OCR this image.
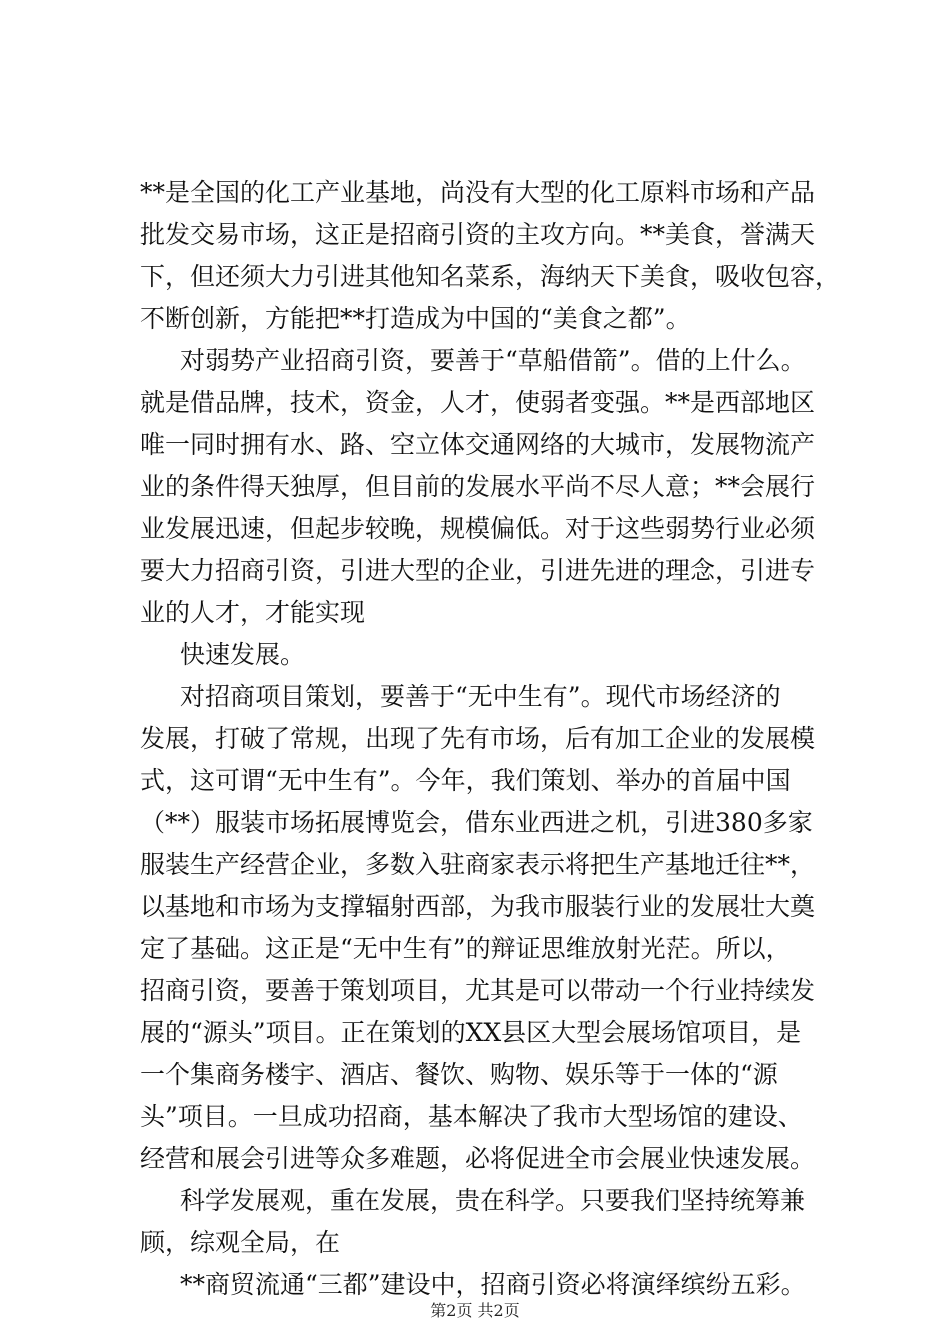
**是全国的化工产业基地，尚没有大型的化工原料市场和产品
批发交易市场，这正是招商引资的主攻方向。**美食，誉满天
下，但还须大力引进其他知名菜系，海纳天下美食，吸收包容，
不断创新，方能把**打造成为中国的“美食之都”。
对弱势产业招商引资，要善于“草船借箭”。借的上什么。
就是借品牌，技术，资金，人才，使弱者变强。**是西部地区
唯一同时拥有水、路、空立体交通网络的大城市，发展物流产
业的条件得天独厚，但目前的发展水平尚不尽人意；**会展行
业发展迅速，但起步较晚，规模偏低。对于这些弱势行业必须
要大力招商引资，引进大型的企业，引进先进的理念，引进专
业的人才，才能实现
快速发展。
对招商项目策划，要善于“无中生有”。现代市场经济的
发展，打破了常规，出现了先有市场，后有加工企业的发展模
式，这可谓“无中生有”。今年，我们策划、举办的首届中国
（**）服装市场拓展博览会，借东业西进之机，引进380多家
服装生产经营企业，多数入驻商家表示将把生产基地迁往**，
以基地和市场为支撑辐射西部，为我市服装行业的发展壮大奠
定了基础。这正是“无中生有”的辩证思维放射光茫。所以，
招商引资，要善于策划项目，尤其是可以带动一个行业持续发
展的“源头”项目。正在策划的XX县区大型会展场馆项目，是
一个集商务楼宇、酒店、餐饮、购物、娱乐等于一体的“源
头”项目。一旦成功招商，基本解决了我市大型场馆的建设、
经营和展会引进等众多难题，必将促进全市会展业快速发展。
科学发展观，重在发展，贵在科学。只要我们坚持统筹兼
顾，综观全局，在
**商贸流通“三都”建设中，招商引资必将演绎缤纷五彩。
第2页 共2页
